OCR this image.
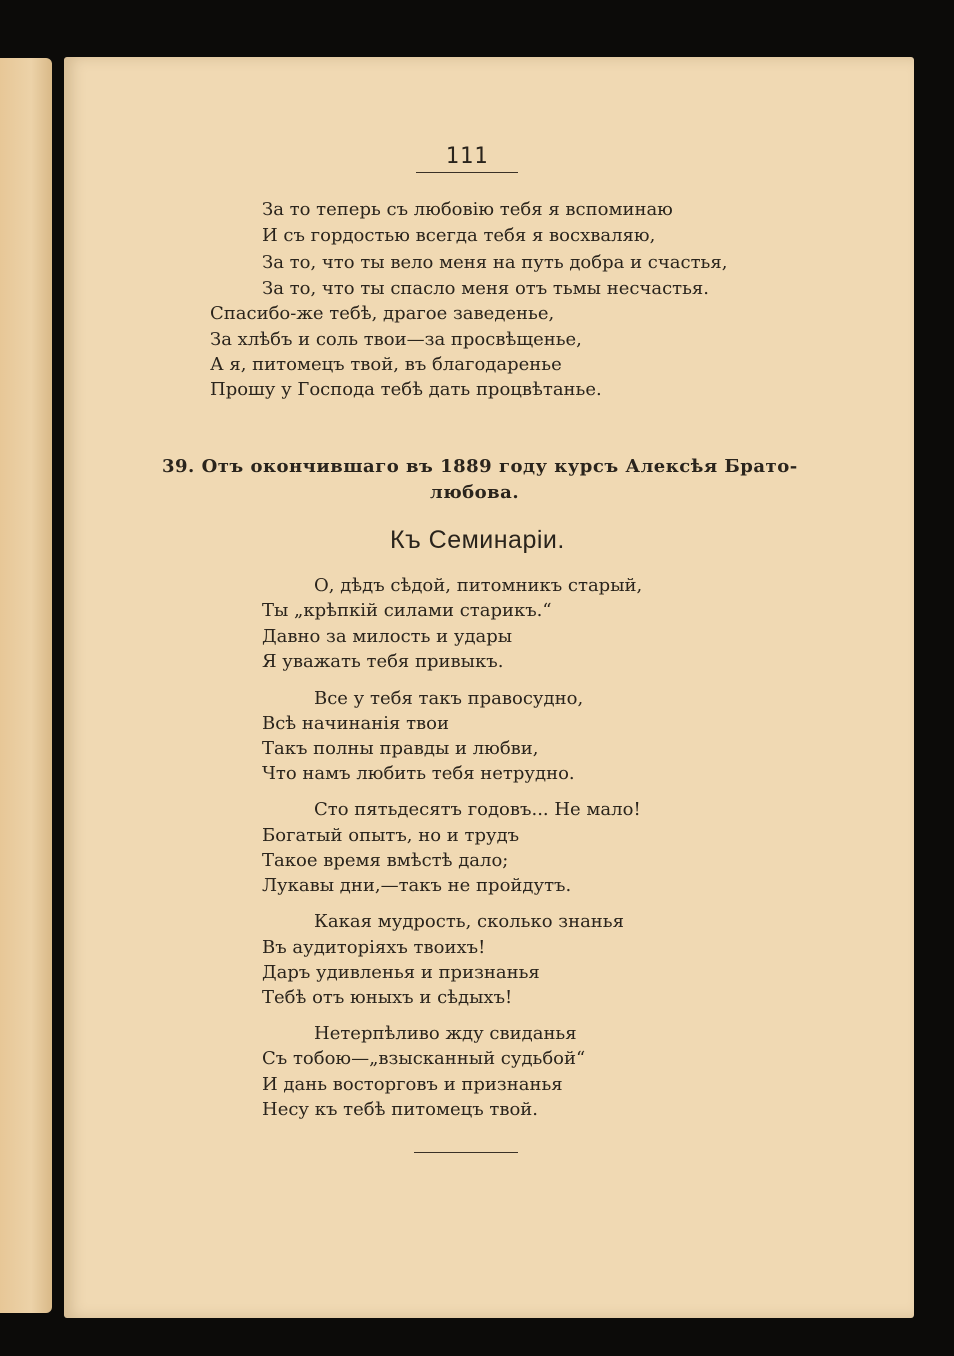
111
За то теперь съ любовію тебя я вспоминаю
И съ гордостью всегда тебя я восхваляю,
За то, что ты вело меня на путь добра и счастья,
За то, что ты спасло меня отъ тьмы несчастья.
Спасибо-же тебѣ, драгое заведенье,
За хлѣбъ и соль твои—за просвѣщенье,
А я, питомецъ твой, въ благодаренье
Прошу у Господа тебѣ дать процвѣтанье.
39. Отъ окончившаго въ 1889 году курсъ Алексѣя Брато-
любова.
Къ Семинаріи.
О, дѣдъ сѣдой, питомникъ старый,
Ты „крѣпкій силами старикъ.“
Давно за милость и удары
Я уважать тебя привыкъ.
Все у тебя такъ правосудно,
Всѣ начинанія твои
Такъ полны правды и любви,
Что намъ любить тебя нетрудно.
Сто пятьдесятъ годовъ... Не мало!
Богатый опытъ, но и трудъ
Такое время вмѣстѣ дало;
Лукавы дни,—такъ не пройдутъ.
Какая мудрость, сколько знанья
Въ аудиторіяхъ твоихъ!
Даръ удивленья и признанья
Тебѣ отъ юныхъ и сѣдыхъ!
Нетерпѣливо жду свиданья
Съ тобою—„взысканный судьбой“
И дань восторговъ и признанья
Несу къ тебѣ питомецъ твой.
